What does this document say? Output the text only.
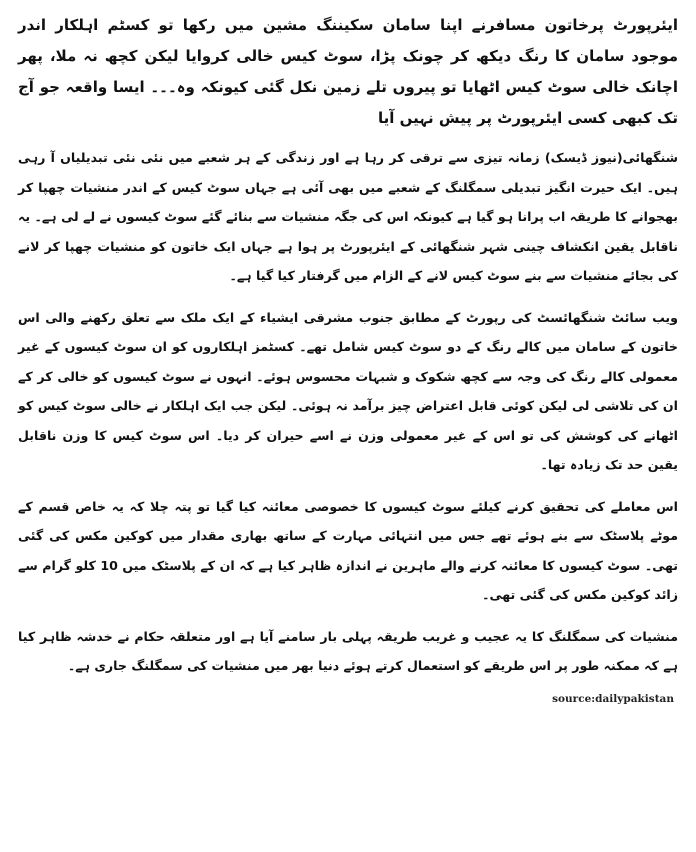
ایئرپورٹ پرخاتون مسافرنے اپنا سامان سکیننگ مشین میں رکھا تو کسٹم اہلکار اندر موجود سامان کا رنگ دیکھ کر چونک پڑا، سوٹ کیس خالی کروایا لیکن کچھ نہ ملا، پھر اچانک خالی سوٹ کیس اٹھایا تو پیروں تلے زمین نکل گئی کیونکہ وہ۔۔۔ ایسا واقعہ جو آج تک کبھی کسی ایئرپورٹ پر پیش نہیں آیا

شنگھائی(نیوز ڈیسک) زمانہ تیزی سے ترقی کر رہا ہے اور زندگی کے ہر شعبے میں نئی نئی تبدیلیاں آ رہی ہیں۔ ایک حیرت انگیز تبدیلی سمگلنگ کے شعبے میں بھی آئی ہے جہاں سوٹ کیس کے اندر منشیات چھپا کر بھجوانے کا طریقہ اب پرانا ہو گیا ہے کیونکہ اس کی جگہ منشیات سے بنائے گئے سوٹ کیسوں نے لے لی ہے۔ یہ ناقابل یقین انکشاف چینی شہر شنگھائی کے ایئرپورٹ پر ہوا ہے جہاں ایک خاتون کو منشیات چھپا کر لانے کی بجائے منشیات سے بنے سوٹ کیس لانے کے الزام میں گرفتار کیا گیا ہے۔

ویب سائٹ شنگھائسٹ کی رپورٹ کے مطابق جنوب مشرقی ایشیاء کے ایک ملک سے تعلق رکھنے والی اس خاتون کے سامان میں کالے رنگ کے دو سوٹ کیس شامل تھے۔ کسٹمز اہلکاروں کو ان سوٹ کیسوں کے غیر معمولی کالے رنگ کی وجہ سے کچھ شکوک و شبہات محسوس ہوئے۔ انہوں نے سوٹ کیسوں کو خالی کر کے ان کی تلاشی لی لیکن کوئی قابل اعتراض چیز برآمد نہ ہوئی۔ لیکن جب ایک اہلکار نے خالی سوٹ کیس کو اٹھانے کی کوشش کی تو اس کے غیر معمولی وزن نے اسے حیران کر دیا۔ اس سوٹ کیس کا وزن ناقابل یقین حد تک زیادہ تھا۔

اس معاملے کی تحقیق کرنے کیلئے سوٹ کیسوں کا خصوصی معائنہ کیا گیا تو پتہ چلا کہ یہ خاص قسم کے موٹے پلاسٹک سے بنے ہوئے تھے جس میں انتہائی مہارت کے ساتھ بھاری مقدار میں کوکین مکس کی گئی تھی۔ سوٹ کیسوں کا معائنہ کرنے والے ماہرین نے اندازہ ظاہر کیا ہے کہ ان کے پلاسٹک میں 10 کلو گرام سے زائد کوکین مکس کی گئی تھی۔

منشیات کی سمگلنگ کا یہ عجیب و غریب طریقہ پہلی بار سامنے آیا ہے اور متعلقہ حکام نے خدشہ ظاہر کیا ہے کہ ممکنہ طور پر اس طریقے کو استعمال کرتے ہوئے دنیا بھر میں منشیات کی سمگلنگ جاری ہے۔

source:dailypakistan
